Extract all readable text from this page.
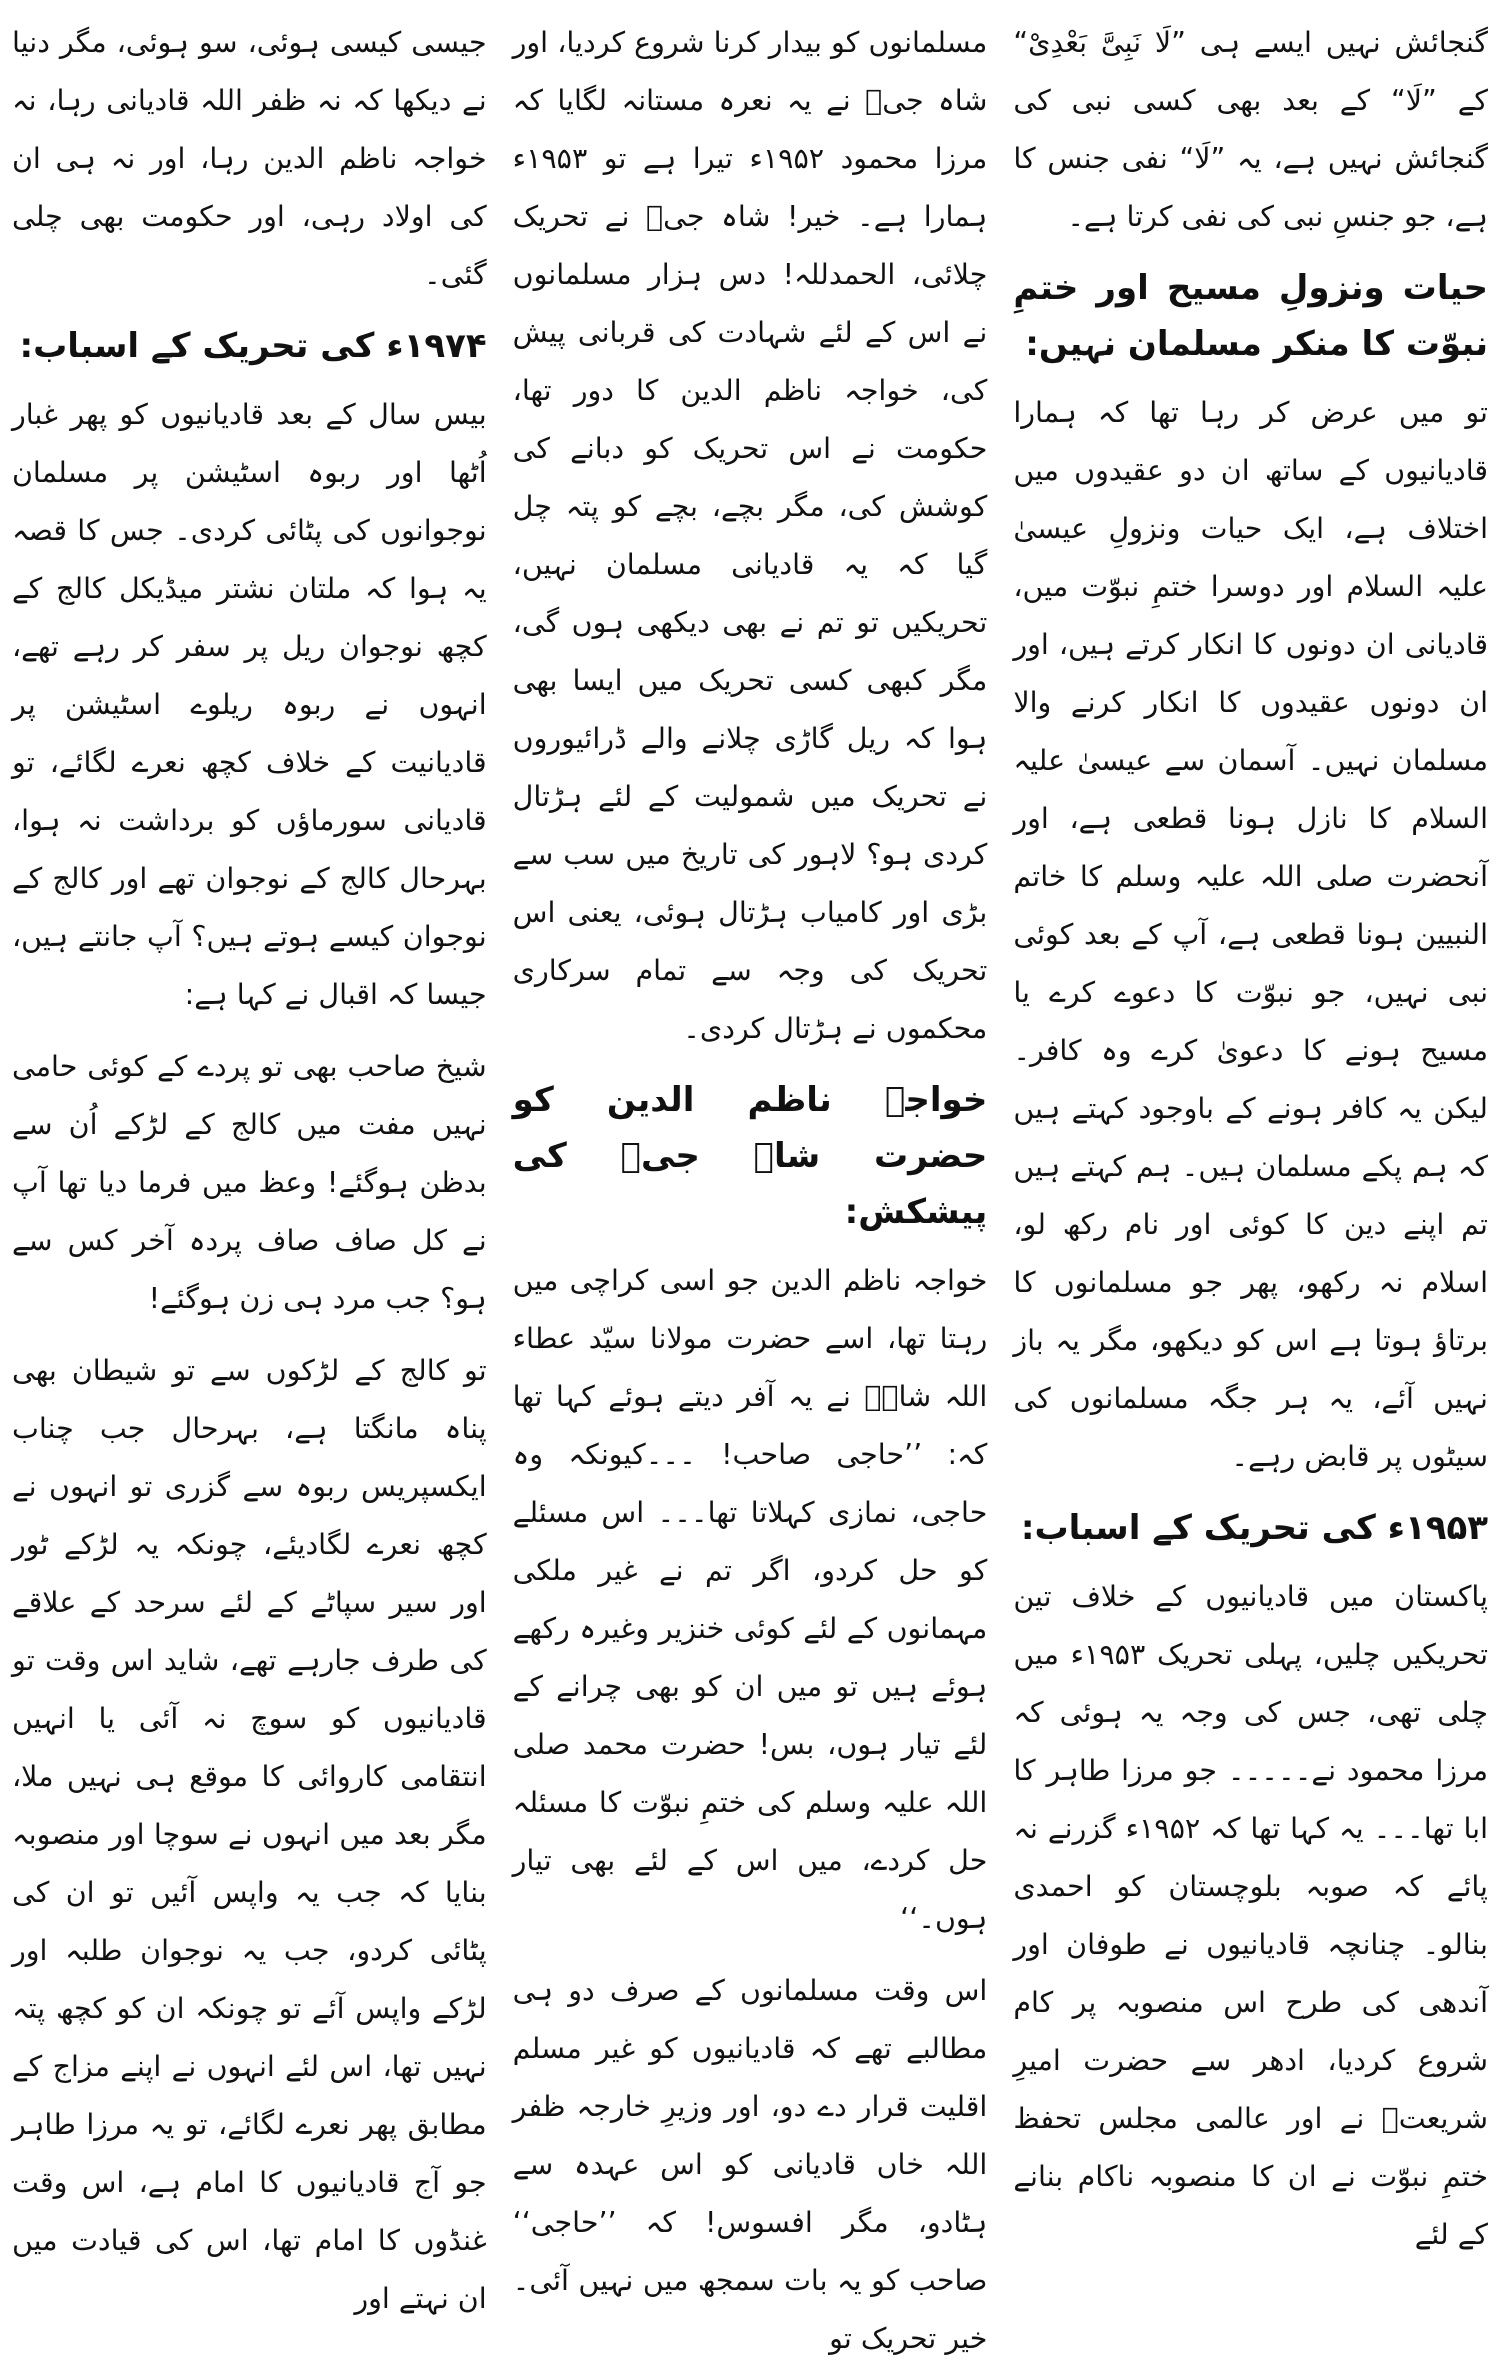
گنجائش نہیں ایسے ہی ”لَا نَبِیَّ بَعْدِیْ“ کے ”لَا“ کے بعد بھی کسی نبی کی گنجائش نہیں ہے، یہ ”لَا“ نفی جنس کا ہے، جو جنسِ نبی کی نفی کرتا ہے۔

حیات ونزولِ مسیح اور ختمِ نبوّت کا منکر مسلمان نہیں:

تو میں عرض کر رہا تھا کہ ہمارا قادیانیوں کے ساتھ ان دو عقیدوں میں اختلاف ہے، ایک حیات ونزولِ عیسیٰ علیہ السلام اور دوسرا ختمِ نبوّت میں، قادیانی ان دونوں کا انکار کرتے ہیں، اور ان دونوں عقیدوں کا انکار کرنے والا مسلمان نہیں۔ آسمان سے عیسیٰ علیہ السلام کا نازل ہونا قطعی ہے، اور آنحضرت صلی اللہ علیہ وسلم کا خاتم النبیین ہونا قطعی ہے، آپ کے بعد کوئی نبی نہیں، جو نبوّت کا دعوے کرے یا مسیح ہونے کا دعویٰ کرے وہ کافر۔ لیکن یہ کافر ہونے کے باوجود کہتے ہیں کہ ہم پکے مسلمان ہیں۔ ہم کہتے ہیں تم اپنے دین کا کوئی اور نام رکھ لو، اسلام نہ رکھو، پھر جو مسلمانوں کا برتاؤ ہوتا ہے اس کو دیکھو، مگر یہ باز نہیں آئے، یہ ہر جگہ مسلمانوں کی سیٹوں پر قابض رہے۔

۱۹۵۳ء کی تحریک کے اسباب:

پاکستان میں قادیانیوں کے خلاف تین تحریکیں چلیں، پہلی تحریک ۱۹۵۳ء میں چلی تھی، جس کی وجہ یہ ہوئی کہ مرزا محمود نے۔۔۔۔۔ جو مرزا طاہر کا ابا تھا۔۔۔ یہ کہا تھا کہ ۱۹۵۲ء گزرنے نہ پائے کہ صوبہ بلوچستان کو احمدی بنالو۔ چنانچہ قادیانیوں نے طوفان اور آندھی کی طرح اس منصوبہ پر کام شروع کردیا، ادھر سے حضرت امیرِ شریعتؒ نے اور عالمی مجلس تحفظ ختمِ نبوّت نے ان کا منصوبہ ناکام بنانے کے لئے

مسلمانوں کو بیدار کرنا شروع کردیا، اور شاہ جیؒ نے یہ نعرہ مستانہ لگایا کہ مرزا محمود ۱۹۵۲ء تیرا ہے تو ۱۹۵۳ء ہمارا ہے۔ خیر! شاہ جیؒ نے تحریک چلائی، الحمدللہ! دس ہزار مسلمانوں نے اس کے لئے شہادت کی قربانی پیش کی، خواجہ ناظم الدین کا دور تھا، حکومت نے اس تحریک کو دبانے کی کوشش کی، مگر بچے، بچے کو پتہ چل گیا کہ یہ قادیانی مسلمان نہیں، تحریکیں تو تم نے بھی دیکھی ہوں گی، مگر کبھی کسی تحریک میں ایسا بھی ہوا کہ ریل گاڑی چلانے والے ڈرائیوروں نے تحریک میں شمولیت کے لئے ہڑتال کردی ہو؟ لاہور کی تاریخ میں سب سے بڑی اور کامیاب ہڑتال ہوئی، یعنی اس تحریک کی وجہ سے تمام سرکاری محکموں نے ہڑتال کردی۔

خواجہ ناظم الدین کو حضرت شاہ جیؒ کی پیشکش:

خواجہ ناظم الدین جو اسی کراچی میں رہتا تھا، اسے حضرت مولانا سیّد عطاء اللہ شاہؒ نے یہ آفر دیتے ہوئے کہا تھا کہ: ’’حاجی صاحب! ۔۔۔کیونکہ وہ حاجی، نمازی کہلاتا تھا۔۔۔ اس مسئلے کو حل کردو، اگر تم نے غیر ملکی مہمانوں کے لئے کوئی خنزیر وغیرہ رکھے ہوئے ہیں تو میں ان کو بھی چرانے کے لئے تیار ہوں، بس! حضرت محمد صلی اللہ علیہ وسلم کی ختمِ نبوّت کا مسئلہ حل کردے، میں اس کے لئے بھی تیار ہوں۔‘‘

اس وقت مسلمانوں کے صرف دو ہی مطالبے تھے کہ قادیانیوں کو غیر مسلم اقلیت قرار دے دو، اور وزیرِ خارجہ ظفر اللہ خاں قادیانی کو اس عہدہ سے ہٹادو، مگر افسوس! کہ ’’حاجی‘‘ صاحب کو یہ بات سمجھ میں نہیں آئی۔ خیر تحریک تو

جیسی کیسی ہوئی، سو ہوئی، مگر دنیا نے دیکھا کہ نہ ظفر اللہ قادیانی رہا، نہ خواجہ ناظم الدین رہا، اور نہ ہی ان کی اولاد رہی، اور حکومت بھی چلی گئی۔

۱۹۷۴ء کی تحریک کے اسباب:

بیس سال کے بعد قادیانیوں کو پھر غبار اُٹھا اور ربوہ اسٹیشن پر مسلمان نوجوانوں کی پٹائی کردی۔ جس کا قصہ یہ ہوا کہ ملتان نشتر میڈیکل کالج کے کچھ نوجوان ریل پر سفر کر رہے تھے، انہوں نے ربوہ ریلوے اسٹیشن پر قادیانیت کے خلاف کچھ نعرے لگائے، تو قادیانی سورماؤں کو برداشت نہ ہوا، بہرحال کالج کے نوجوان تھے اور کالج کے نوجوان کیسے ہوتے ہیں؟ آپ جانتے ہیں، جیسا کہ اقبال نے کہا ہے:

شیخ صاحب بھی تو پردے کے کوئی حامی نہیں مفت میں کالج کے لڑکے اُن سے بدظن ہوگئے! وعظ میں فرما دیا تھا آپ نے کل صاف صاف پردہ آخر کس سے ہو؟ جب مرد ہی زن ہوگئے!

تو کالج کے لڑکوں سے تو شیطان بھی پناہ مانگتا ہے، بہرحال جب چناب ایکسپریس ربوہ سے گزری تو انہوں نے کچھ نعرے لگادیئے، چونکہ یہ لڑکے ٹور اور سیر سپاٹے کے لئے سرحد کے علاقے کی طرف جارہے تھے، شاید اس وقت تو قادیانیوں کو سوچ نہ آئی یا انہیں انتقامی کاروائی کا موقع ہی نہیں ملا، مگر بعد میں انہوں نے سوچا اور منصوبہ بنایا کہ جب یہ واپس آئیں تو ان کی پٹائی کردو، جب یہ نوجوان طلبہ اور لڑکے واپس آئے تو چونکہ ان کو کچھ پتہ نہیں تھا، اس لئے انہوں نے اپنے مزاج کے مطابق پھر نعرے لگائے، تو یہ مرزا طاہر جو آج قادیانیوں کا امام ہے، اس وقت غنڈوں کا امام تھا، اس کی قیادت میں ان نہتے اور
